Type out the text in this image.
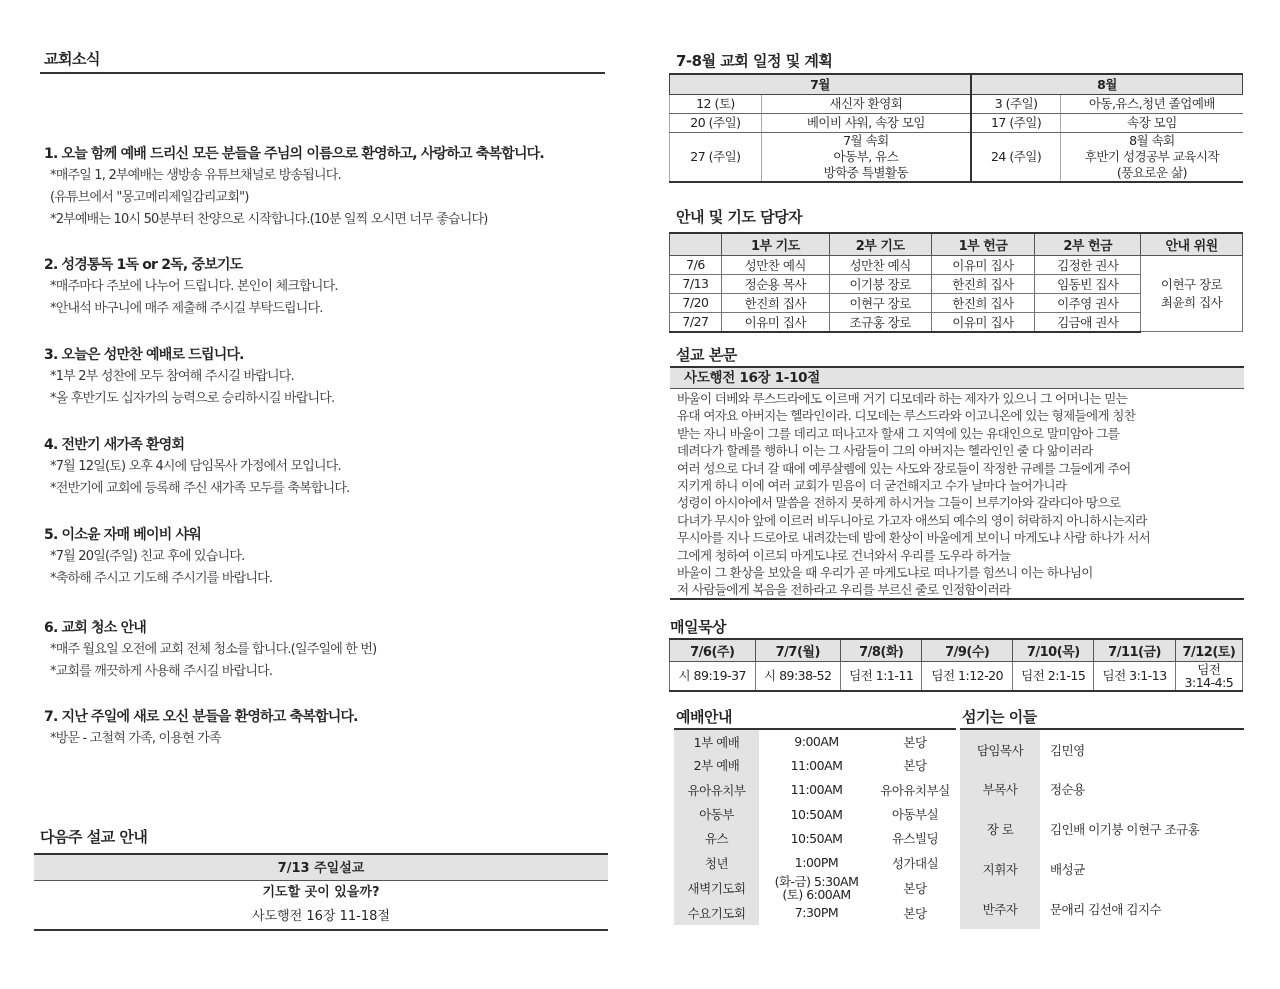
교회소식
다음주 설교 안내
7/13 주일설교
기도할 곳이 있을까?
사도행전 16장 11-18절
7-8월 교회 일정 및 계획
7월		8월	
12 (토)	새신자 환영회	3 (주일)	아동,유스,청년 졸업예배
20 (주일)	베이비 샤워, 속장 모임	17 (주일)	속장 모임
27 (주일)	7월 속회
아동부, 유스
방학중 특별활동	24 (주일)	8월 속회
후반기 성경공부 교육시작
(풍요로운 삶)
안내 및 기도 담당자
	1부 기도	2부 기도	1부 헌금	2부 헌금	안내 위원
7/6	성만찬 예식	성만찬 예식	이유미 집사	김정한 권사	이현구 장로
최윤희 집사
7/13	정순용 목사	이기붕 장로	한진희 집사	임동빈 집사	
7/20	한진희 집사	이현구 장로	한진희 집사	이주영 권사	
7/27	이유미 집사	조규홍 장로	이유미 집사	김금애 권사	
설교 본문
사도행전 16장 1-10절
바울이 더베와 루스드라에도 이르매 거기 디모데라 하는 제자가 있으니 그 어머니는 믿는
유대 여자요 아버지는 헬라인이라. 디모데는 루스드라와 이고니온에 있는 형제들에게 칭찬
받는 자니 바울이 그를 데리고 떠나고자 할새 그 지역에 있는 유대인으로 말미암아 그를
데려다가 할례를 행하니 이는 그 사람들이 그의 아버지는 헬라인인 줄 다 앎이러라
여러 성으로 다녀 갈 때에 예루살렘에 있는 사도와 장로들이 작정한 규례를 그들에게 주어
지키게 하니 이에 여러 교회가 믿음이 더 굳건해지고 수가 날마다 늘어가니라
성령이 아시아에서 말씀을 전하지 못하게 하시거늘 그들이 브루기아와 갈라디아 땅으로
다녀가 무시아 앞에 이르러 비두니아로 가고자 애쓰되 예수의 영이 허락하지 아니하시는지라
무시아를 지나 드로아로 내려갔는데 밤에 환상이 바울에게 보이니 마게도냐 사람 하나가 서서
그에게 청하여 이르되 마게도냐로 건너와서 우리를 도우라 하거늘
바울이 그 환상을 보았을 때 우리가 곧 마게도냐로 떠나기를 힘쓰니 이는 하나님이
저 사람들에게 복음을 전하라고 우리를 부르신 줄로 인정함이러라
매일묵상
7/6(주)	7/7(월)	7/8(화)	7/9(수)	7/10(목)	7/11(금)	7/12(토)
시 89:19-37	시 89:38-52	딤전 1:1-11	딤전 1:12-20	딤전 2:1-15	딤전 3:1-13	딤전
3:14-4:5
예배안내
1부 예배	9:00AM	본당
2부 예배	11:00AM	본당
유아유치부	11:00AM	유아유치부실
아동부	10:50AM	아동부실
유스	10:50AM	유스빌딩
청년	1:00PM	성가대실
새벽기도회	(화-금) 5:30AM
(토) 6:00AM	본당
수요기도회	7:30PM	본당
섬기는 이들
담임목사	김민영
부목사	정순용
장 로	김인배 이기붕 이현구 조규홍
지휘자	배성균
반주자	문애리 김선애 김지수
1. 오늘 함께 예배 드리신 모든 분들을 주님의 이름으로 환영하고, 사랑하고 축복합니다.
*매주일 1, 2부예배는 생방송 유튜브채널로 방송됩니다.
(유튜브에서 "몽고메리제일감리교회")
*2부예배는 10시 50분부터 찬양으로 시작합니다.(10분 일찍 오시면 너무 좋습니다)
2. 성경통독 1독 or 2독, 중보기도
*매주마다 주보에 나누어 드립니다. 본인이 체크합니다.
*안내석 바구니에 매주 제출해 주시길 부탁드립니다.
3. 오늘은 성만찬 예배로 드립니다.
*1부 2부 성찬에 모두 참여해 주시길 바랍니다.
*올 후반기도 십자가의 능력으로 승리하시길 바랍니다.
4. 전반기 새가족 환영회
*7월 12일(토) 오후 4시에 담임목사 가정에서 모입니다.
*전반기에 교회에 등록해 주신 새가족 모두를 축복합니다.
5. 이소윤 자매 베이비 샤워
*7월 20일(주일) 친교 후에 있습니다.
*축하해 주시고 기도해 주시기를 바랍니다.
6. 교회 청소 안내
*매주 월요일 오전에 교회 전체 청소를 합니다.(일주일에 한 번)
*교회를 깨끗하게 사용해 주시길 바랍니다.
7. 지난 주일에 새로 오신 분들을 환영하고 축복합니다.
*방문 - 고철혁 가족, 이용현 가족
